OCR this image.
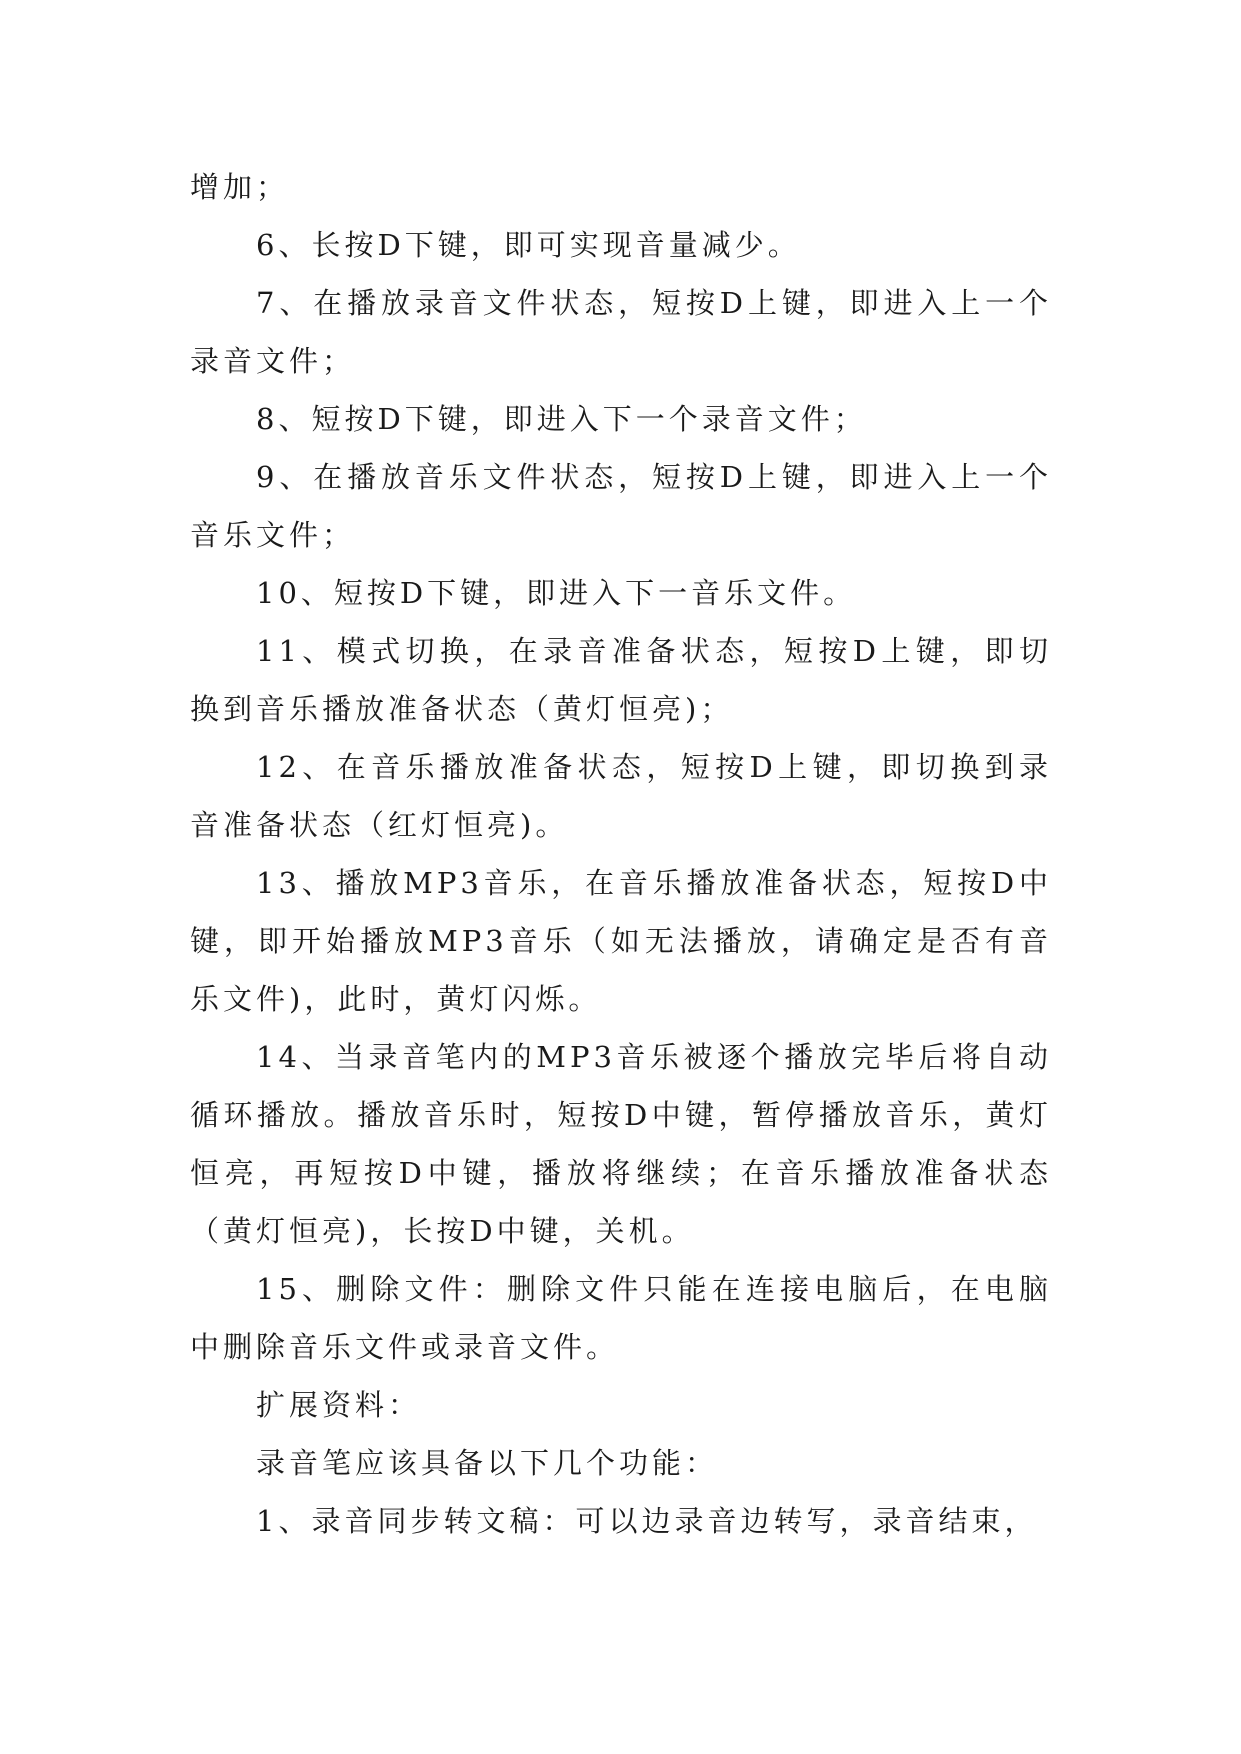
增加；

6、长按D下键，即可实现音量减少。

7、在播放录音文件状态，短按D上键，即进入上一个录音文件；

8、短按D下键，即进入下一个录音文件；

9、在播放音乐文件状态，短按D上键，即进入上一个音乐文件；

10、短按D下键，即进入下一音乐文件。

11、模式切换，在录音准备状态，短按D上键，即切换到音乐播放准备状态（黄灯恒亮)；

12、在音乐播放准备状态，短按D上键，即切换到录音准备状态（红灯恒亮)。

13、播放MP3音乐，在音乐播放准备状态，短按D中键，即开始播放MP3音乐（如无法播放，请确定是否有音乐文件)，此时，黄灯闪烁。

14、当录音笔内的MP3音乐被逐个播放完毕后将自动循环播放。播放音乐时，短按D中键，暂停播放音乐，黄灯恒亮，再短按D中键，播放将继续；在音乐播放准备状态（黄灯恒亮)，长按D中键，关机。

15、删除文件：删除文件只能在连接电脑后，在电脑中删除音乐文件或录音文件。

扩展资料：

录音笔应该具备以下几个功能：

1、录音同步转文稿：可以边录音边转写，录音结束，
